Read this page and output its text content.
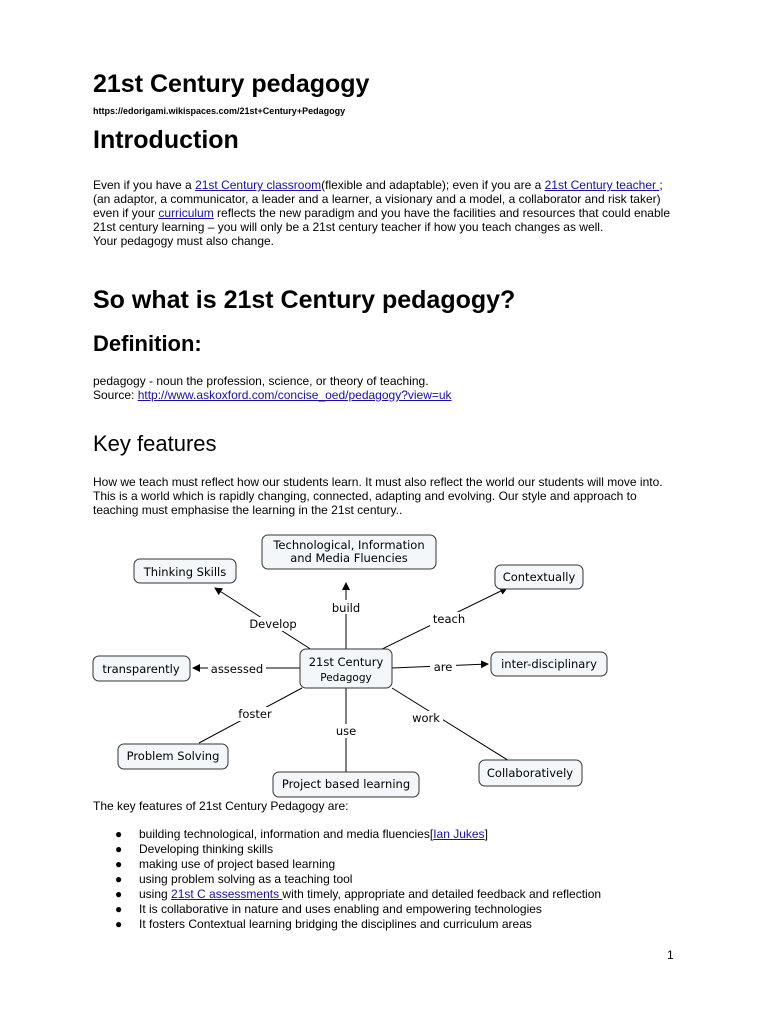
21st Century pedagogy
https://edorigami.wikispaces.com/21st+Century+Pedagogy
Introduction
Even if you have a 21st Century classroom(flexible and adaptable); even if you are a 21st Century teacher ; (an adaptor, a communicator, a leader and a learner, a visionary and a model, a collaborator and risk taker) even if your curriculum reflects the new paradigm and you have the facilities and resources that could enable 21st century learning – you will only be a 21st century teacher if how you teach changes as well.
Your pedagogy must also change.
So what is 21st Century pedagogy?
Definition:
pedagogy - noun the profession, science, or theory of teaching.
Source: http://www.askoxford.com/concise_oed/pedagogy?view=uk
Key features
How we teach must reflect how our students learn. It must also reflect the world our students will move into. This is a world which is rapidly changing, connected, adapting and evolving. Our style and approach to teaching must emphasise the learning in the 21st century..
Technological, Information
and Media Fluencies
Thinking Skills	Contextually
transparently	21st Century
Pedagogy
inter-disciplinary
Problem Solving
Project based learning
Collaboratively
build
Develop	teach
assessed	are
foster	work
use
The key features of 21st Century Pedagogy are:
● building technological, information and media fluencies[Ian Jukes]
● Developing thinking skills
● making use of project based learning
● using problem solving as a teaching tool
● using 21st C assessments with timely, appropriate and detailed feedback and reflection
● It is collaborative in nature and uses enabling and empowering technologies
● It fosters Contextual learning bridging the disciplines and curriculum areas
1
